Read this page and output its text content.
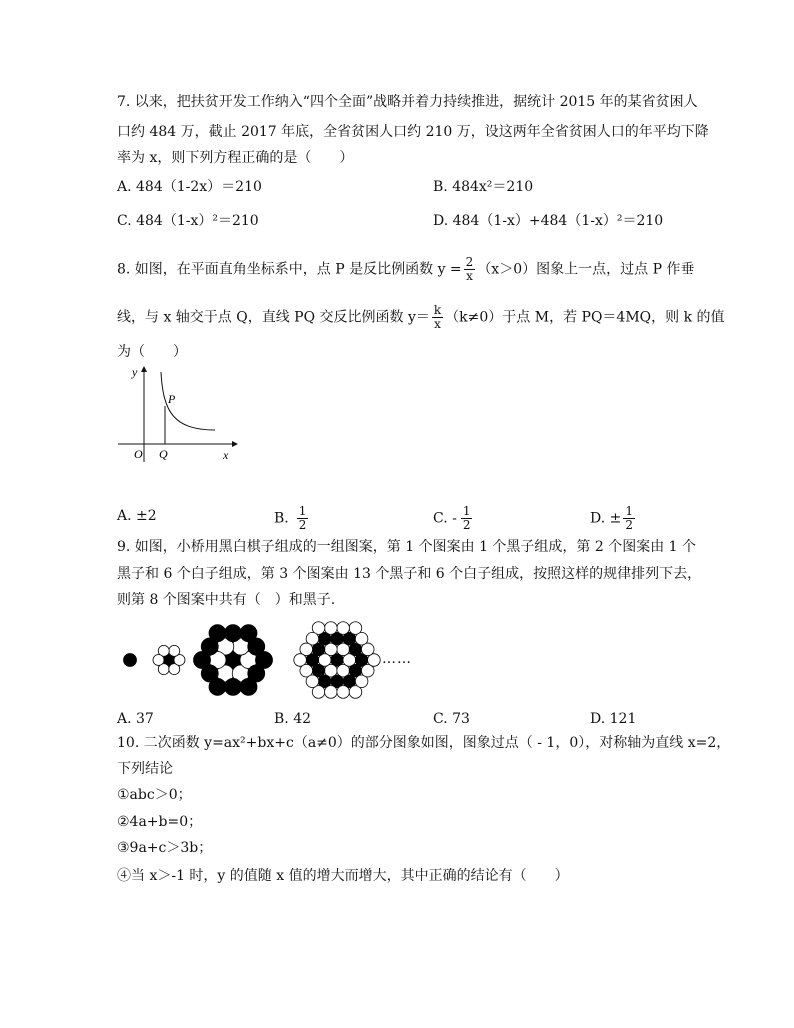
7. 以来，把扶贫开发工作纳入“四个全面”战略并着力持续推进，据统计 2015 年的某省贫困人
口约 484 万，截止 2017 年底，全省贫困人口约 210 万，设这两年全省贫困人口的年平均下降
率为 x，则下列方程正确的是（　　）
A. 484（1-2x）＝210	B. 484x²＝210
C. 484（1-x）²＝210	D. 484（1-x）+484（1-x）²＝210
8. 如图，在平面直角坐标系中，点 P 是反比例函数 $y = \frac{2}{x} (x>0)$图象上一点，过点 P 作垂
线，与 x 轴交于点 Q，直线 PQ 交反比例函数 $y= \frac{k}{x} (k\ne 0)$于点 M，若 PQ＝4MQ，则 k 的值
为（　　）
y
P
O Q	x
A. ±2	B. $\frac{1}{2}$	C. - $\frac{1}{2}$	D. ± $\frac{1}{2}$
9. 如图，小桥用黑白棋子组成的一组图案，第 1 个图案由 1 个黑子组成，第 2 个图案由 1 个
黑子和 6 个白子组成，第 3 个图案由 13 个黑子和 6 个白子组成，按照这样的规律排列下去，
则第 8 个图案中共有（　）和黑子.
……
A. 37	B. 42	C. 73	D. 121
10. 二次函数 y=ax²+bx+c（a≠0）的部分图象如图，图象过点（ - 1，0），对称轴为直线 x=2，
下列结论
①abc＞0；
②4a+b=0；
③9a+c＞3b；
④当 x＞-1 时，y 的值随 x 值的增大而增大，其中正确的结论有（　　）
